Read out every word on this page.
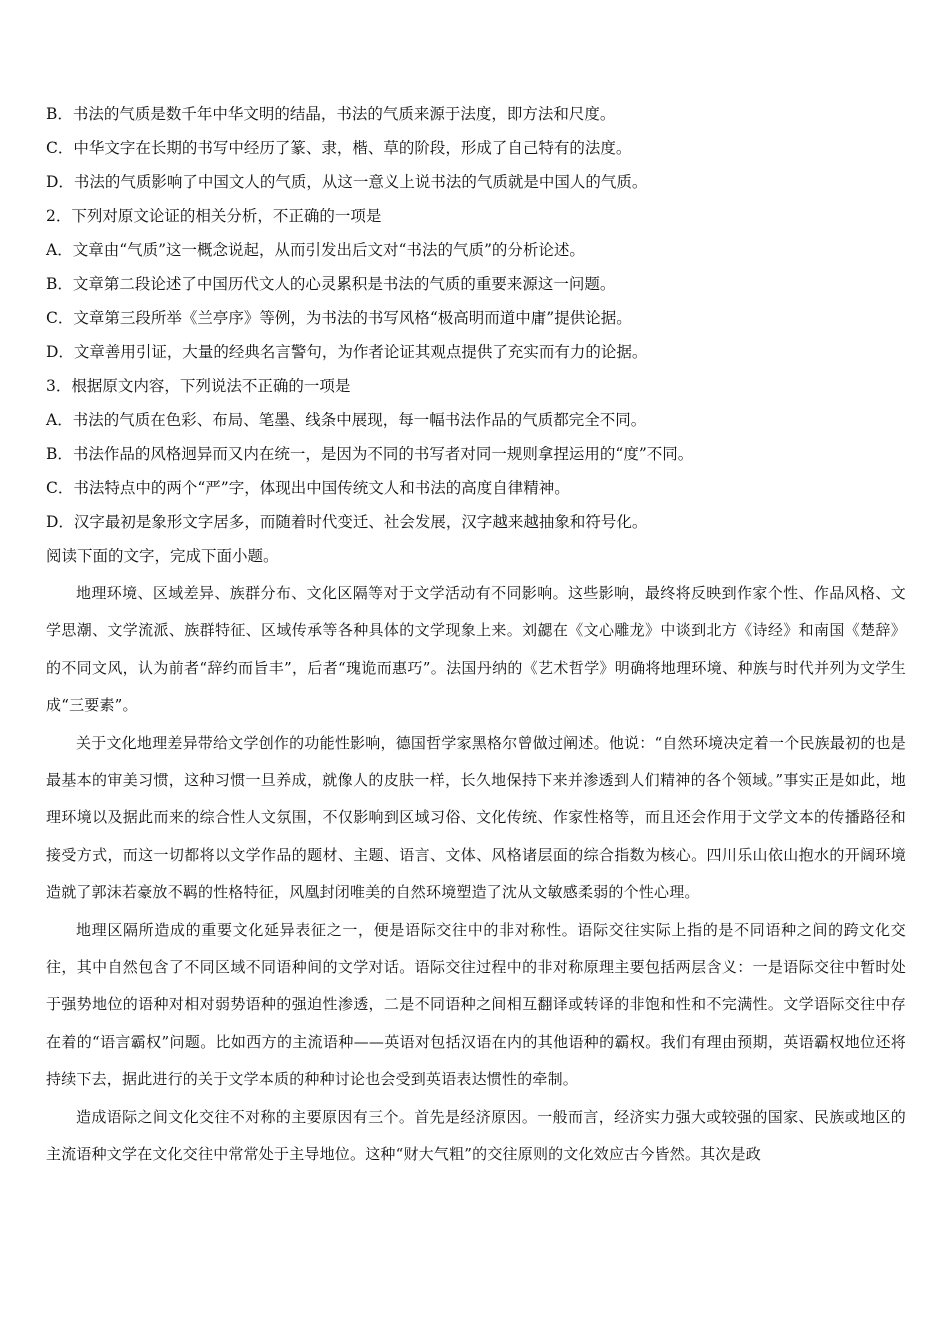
B．书法的气质是数千年中华文明的结晶，书法的气质来源于法度，即方法和尺度。
C．中华文字在长期的书写中经历了篆、隶，楷、草的阶段，形成了自己特有的法度。
D．书法的气质影响了中国文人的气质，从这一意义上说书法的气质就是中国人的气质。
2．下列对原文论证的相关分析，不正确的一项是
A．文章由“气质”这一概念说起，从而引发出后文对“书法的气质”的分析论述。
B．文章第二段论述了中国历代文人的心灵累积是书法的气质的重要来源这一问题。
C．文章第三段所举《兰亭序》等例，为书法的书写风格“极高明而道中庸”提供论据。
D．文章善用引证，大量的经典名言警句，为作者论证其观点提供了充实而有力的论据。
3．根据原文内容，下列说法不正确的一项是
A．书法的气质在色彩、布局、笔墨、线条中展现，每一幅书法作品的气质都完全不同。
B．书法作品的风格迥异而又内在统一，是因为不同的书写者对同一规则拿捏运用的“度”不同。
C．书法特点中的两个“严”字，体现出中国传统文人和书法的高度自律精神。
D．汉字最初是象形文字居多，而随着时代变迁、社会发展，汉字越来越抽象和符号化。
阅读下面的文字，完成下面小题。

地理环境、区域差异、族群分布、文化区隔等对于文学活动有不同影响。这些影响，最终将反映到作家个性、作品风格、文学思潮、文学流派、族群特征、区域传承等各种具体的文学现象上来。刘勰在《文心雕龙》中谈到北方《诗经》和南国《楚辞》的不同文风，认为前者“辞约而旨丰”，后者“瑰诡而惠巧”。法国丹纳的《艺术哲学》明确将地理环境、种族与时代并列为文学生成“三要素”。

关于文化地理差异带给文学创作的功能性影响，德国哲学家黑格尔曾做过阐述。他说：“自然环境决定着一个民族最初的也是最基本的审美习惯，这种习惯一旦养成，就像人的皮肤一样，长久地保持下来并渗透到人们精神的各个领域。”事实正是如此，地理环境以及据此而来的综合性人文氛围，不仅影响到区域习俗、文化传统、作家性格等，而且还会作用于文学文本的传播路径和接受方式，而这一切都将以文学作品的题材、主题、语言、文体、风格诸层面的综合指数为核心。四川乐山依山抱水的开阔环境造就了郭沫若豪放不羁的性格特征，风凰封闭唯美的自然环境塑造了沈从文敏感柔弱的个性心理。

地理区隔所造成的重要文化延异表征之一，便是语际交往中的非对称性。语际交往实际上指的是不同语种之间的跨文化交往，其中自然包含了不同区域不同语种间的文学对话。语际交往过程中的非对称原理主要包括两层含义：一是语际交往中暂时处于强势地位的语种对相对弱势语种的强迫性渗透，二是不同语种之间相互翻译或转译的非饱和性和不完满性。文学语际交往中存在着的“语言霸权”问题。比如西方的主流语种——英语对包括汉语在内的其他语种的霸权。我们有理由预期，英语霸权地位还将持续下去，据此进行的关于文学本质的种种讨论也会受到英语表达惯性的牵制。

造成语际之间文化交往不对称的主要原因有三个。首先是经济原因。一般而言，经济实力强大或较强的国家、民族或地区的主流语种文学在文化交往中常常处于主导地位。这种“财大气粗”的交往原则的文化效应古今皆然。其次是政
